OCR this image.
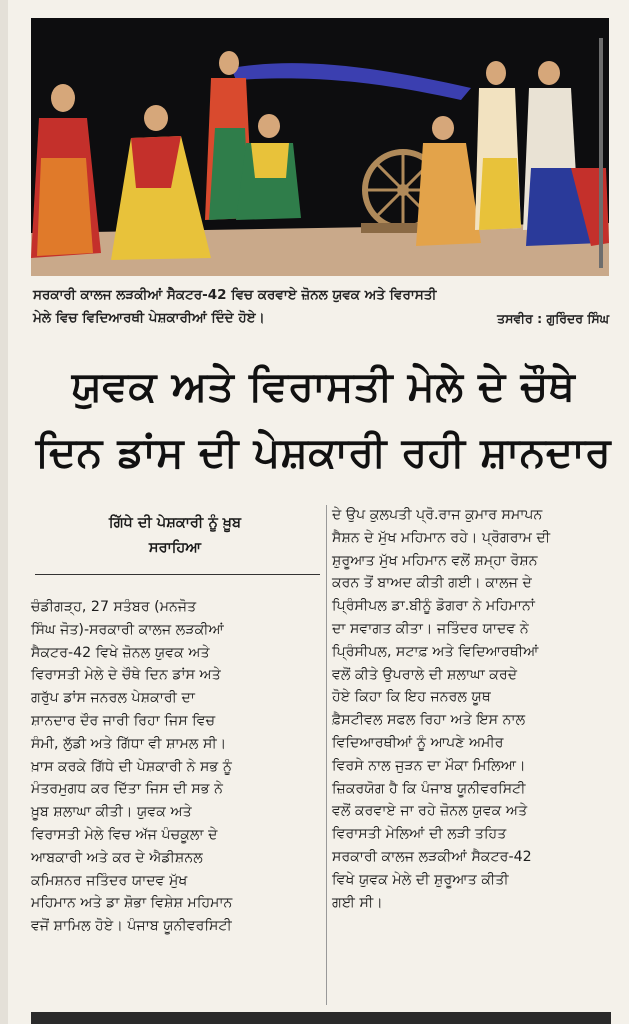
ਸਰਕਾਰੀ ਕਾਲਜ ਲੜਕੀਆਂ ਸੈਕਟਰ-42 ਵਿਚ ਕਰਵਾਏ ਜ਼ੋਨਲ ਯੁਵਕ ਅਤੇ ਵਿਰਾਸਤੀ
ਮੇਲੇ ਵਿਚ ਵਿਦਿਆਰਥੀ ਪੇਸ਼ਕਾਰੀਆਂ ਦਿੰਦੇ ਹੋਏ।	ਤਸਵੀਰ : ਗੁਰਿੰਦਰ ਸਿੰਘ
ਯੁਵਕ ਅਤੇ ਵਿਰਾਸਤੀ ਮੇਲੇ ਦੇ ਚੌਥੇ
ਦਿਨ ਡਾਂਸ ਦੀ ਪੇਸ਼ਕਾਰੀ ਰਹੀ ਸ਼ਾਨਦਾਰ
ਗਿੱਧੇ ਦੀ ਪੇਸ਼ਕਾਰੀ ਨੂੰ ਖ਼ੂਬ
ਸਰਾਹਿਆ
ਚੰਡੀਗੜ੍ਹ, 27 ਸਤੰਬਰ (ਮਨਜੋਤ
ਸਿੰਘ ਜੋਤ)-ਸਰਕਾਰੀ ਕਾਲਜ ਲੜਕੀਆਂ
ਸੈਕਟਰ-42 ਵਿਖੇ ਜ਼ੋਨਲ ਯੁਵਕ ਅਤੇ
ਵਿਰਾਸਤੀ ਮੇਲੇ ਦੇ ਚੌਥੇ ਦਿਨ ਡਾਂਸ ਅਤੇ
ਗਰੁੱਪ ਡਾਂਸ ਜਨਰਲ ਪੇਸ਼ਕਾਰੀ ਦਾ
ਸ਼ਾਨਦਾਰ ਦੌਰ ਜਾਰੀ ਰਿਹਾ ਜਿਸ ਵਿਚ
ਸੰਮੀ, ਲੁੱਡੀ ਅਤੇ ਗਿੱਧਾ ਵੀ ਸ਼ਾਮਲ ਸੀ।
ਖ਼ਾਸ ਕਰਕੇ ਗਿੱਧੇ ਦੀ ਪੇਸ਼ਕਾਰੀ ਨੇ ਸਭ ਨੂੰ
ਮੰਤਰਮੁਗਧ ਕਰ ਦਿੱਤਾ ਜਿਸ ਦੀ ਸਭ ਨੇ
ਖ਼ੂਬ ਸ਼ਲਾਘਾ ਕੀਤੀ। ਯੁਵਕ ਅਤੇ
ਵਿਰਾਸਤੀ ਮੇਲੇ ਵਿਚ ਅੱਜ ਪੰਚਕੂਲਾ ਦੇ
ਆਬਕਾਰੀ ਅਤੇ ਕਰ ਦੇ ਐਡੀਸ਼ਨਲ
ਕਮਿਸ਼ਨਰ ਜਤਿੰਦਰ ਯਾਦਵ ਮੁੱਖ
ਮਹਿਮਾਨ ਅਤੇ ਡਾ ਸ਼ੋਭਾ ਵਿਸ਼ੇਸ਼ ਮਹਿਮਾਨ
ਵਜੋਂ ਸ਼ਾਮਿਲ ਹੋਏ। ਪੰਜਾਬ ਯੂਨੀਵਰਸਿਟੀ
ਦੇ ਉਪ ਕੁਲਪਤੀ ਪ੍ਰੋ.ਰਾਜ ਕੁਮਾਰ ਸਮਾਪਨ
ਸੈਸ਼ਨ ਦੇ ਮੁੱਖ ਮਹਿਮਾਨ ਰਹੇ। ਪ੍ਰੋਗਰਾਮ ਦੀ
ਸ਼ੁਰੂਆਤ ਮੁੱਖ ਮਹਿਮਾਨ ਵਲੋਂ ਸ਼ਮ੍ਹਾ ਰੋਸ਼ਨ
ਕਰਨ ਤੋਂ ਬਾਅਦ ਕੀਤੀ ਗਈ। ਕਾਲਜ ਦੇ
ਪ੍ਰਿੰਸੀਪਲ ਡਾ.ਬੀਨੂੰ ਡੋਗਰਾ ਨੇ ਮਹਿਮਾਨਾਂ
ਦਾ ਸਵਾਗਤ ਕੀਤਾ। ਜਤਿੰਦਰ ਯਾਦਵ ਨੇ
ਪ੍ਰਿੰਸੀਪਲ, ਸਟਾਫ਼ ਅਤੇ ਵਿਦਿਆਰਥੀਆਂ
ਵਲੋਂ ਕੀਤੇ ਉਪਰਾਲੇ ਦੀ ਸ਼ਲਾਘਾ ਕਰਦੇ
ਹੋਏ ਕਿਹਾ ਕਿ ਇਹ ਜਨਰਲ ਯੂਥ
ਫ਼ੈਸਟੀਵਲ ਸਫਲ ਰਿਹਾ ਅਤੇ ਇਸ ਨਾਲ
ਵਿਦਿਆਰਥੀਆਂ ਨੂੰ ਆਪਣੇ ਅਮੀਰ
ਵਿਰਸੇ ਨਾਲ ਜੁੜਨ ਦਾ ਮੌਕਾ ਮਿਲਿਆ।
ਜ਼ਿਕਰਯੋਗ ਹੈ ਕਿ ਪੰਜਾਬ ਯੂਨੀਵਰਸਿਟੀ
ਵਲੋਂ ਕਰਵਾਏ ਜਾ ਰਹੇ ਜ਼ੋਨਲ ਯੁਵਕ ਅਤੇ
ਵਿਰਾਸਤੀ ਮੇਲਿਆਂ ਦੀ ਲੜੀ ਤਹਿਤ
ਸਰਕਾਰੀ ਕਾਲਜ ਲੜਕੀਆਂ ਸੈਕਟਰ-42
ਵਿਖੇ ਯੁਵਕ ਮੇਲੇ ਦੀ ਸ਼ੁਰੂਆਤ ਕੀਤੀ
ਗਈ ਸੀ।
